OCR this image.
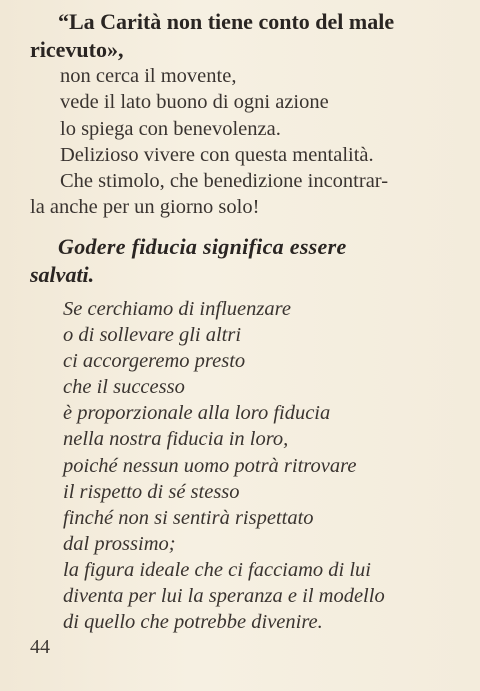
“La Carità non tiene conto del male
ricevuto»,
non cerca il movente,
vede il lato buono di ogni azione
lo spiega con benevolenza.
Delizioso vivere con questa mentalità.
Che stimolo, che benedizione incontrar-
la anche per un giorno solo!
Godere fiducia significa essere
salvati.
Se cerchiamo di influenzare
o di sollevare gli altri
ci accorgeremo presto
che il successo
è proporzionale alla loro fiducia
nella nostra fiducia in loro,
poiché nessun uomo potrà ritrovare
il rispetto di sé stesso
finché non si sentirà rispettato
dal prossimo;
la figura ideale che ci facciamo di lui
diventa per lui la speranza e il modello
di quello che potrebbe divenire.
44
